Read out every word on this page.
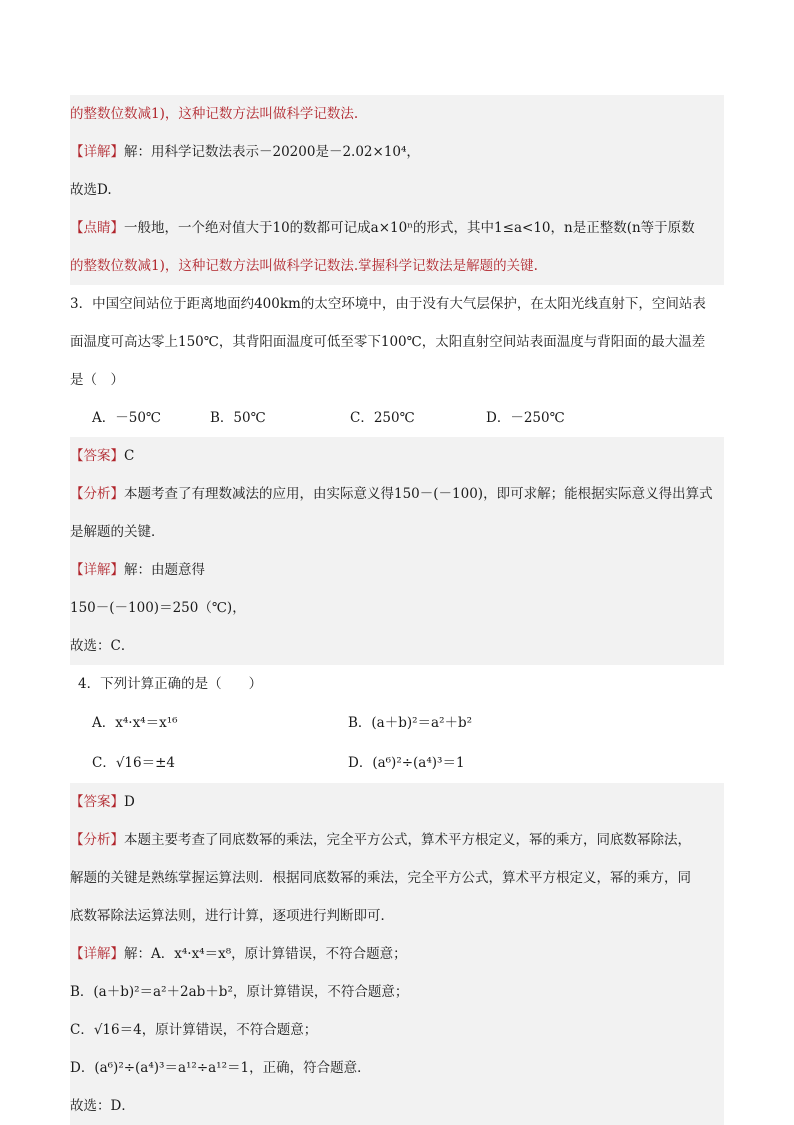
的整数位数减1)，这种记数方法叫做科学记数法.
【详解】解：用科学记数法表示－20200是－2.02×10⁴，
故选D.
【点睛】一般地，一个绝对值大于10的数都可记成a×10ⁿ的形式，其中1≤a<10，n是正整数(n等于原数
的整数位数减1)，这种记数方法叫做科学记数法.掌握科学记数法是解题的关键.
3．中国空间站位于距离地面约400km的太空环境中，由于没有大气层保护，在太阳光线直射下，空间站表
面温度可高达零上150℃，其背阳面温度可低至零下100℃，太阳直射空间站表面温度与背阳面的最大温差
是（　）
A．－50℃	B．50℃	C．250℃	D．－250℃
【答案】C
【分析】本题考查了有理数减法的应用，由实际意义得150－(－100)，即可求解；能根据实际意义得出算式
是解题的关键．
【详解】解：由题意得
150－(－100)＝250（℃)，
故选：C．
4．下列计算正确的是（　　）
A．x⁴·x⁴＝x¹⁶	B．(a＋b)²＝a²＋b²
C．√16＝±4	D．(a⁶)²÷(a⁴)³＝1
【答案】D
【分析】本题主要考查了同底数幂的乘法，完全平方公式，算术平方根定义，幂的乘方，同底数幂除法，
解题的关键是熟练掌握运算法则．根据同底数幂的乘法，完全平方公式，算术平方根定义，幂的乘方，同
底数幂除法运算法则，进行计算，逐项进行判断即可．
【详解】解：A．x⁴·x⁴＝x⁸，原计算错误，不符合题意；
B．(a＋b)²＝a²＋2ab＋b²，原计算错误，不符合题意；
C．√16＝4，原计算错误，不符合题意；
D．(a⁶)²÷(a⁴)³＝a¹²÷a¹²＝1，正确，符合题意．
故选：D．
